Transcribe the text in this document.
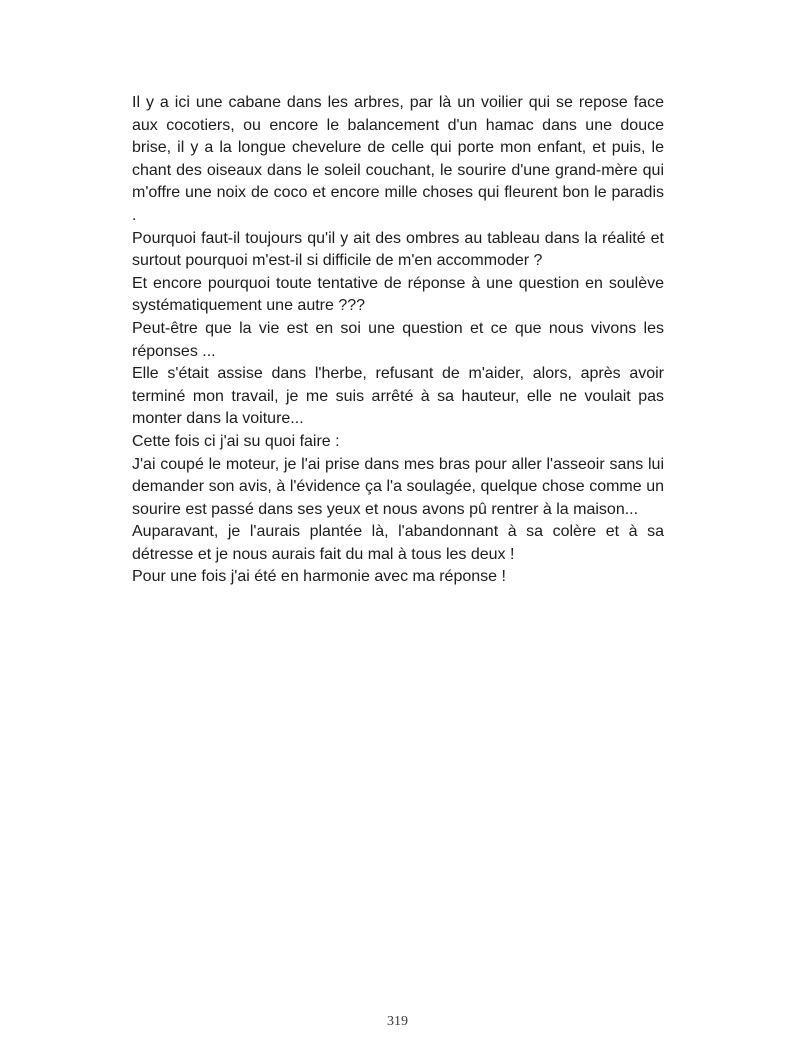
Il y a ici une cabane dans les arbres, par là un voilier qui se repose face aux cocotiers, ou encore le balancement d'un hamac dans une douce brise, il y a la longue chevelure de celle qui porte mon enfant, et puis, le chant des oiseaux dans le soleil couchant, le sourire d'une grand-mère qui m'offre une noix de coco et encore mille choses qui fleurent bon le paradis .

Pourquoi faut-il toujours qu'il y ait des ombres au tableau dans la réalité et surtout pourquoi m'est-il si difficile de m'en accommoder ?

Et encore pourquoi toute tentative de réponse à une question en soulève systématiquement une autre ???

Peut-être que la vie est en soi une question et ce que nous vivons les réponses ...

Elle s'était assise dans l'herbe, refusant de m'aider, alors, après avoir terminé mon travail, je me suis arrêté à sa hauteur, elle ne voulait pas monter dans la voiture...

Cette fois ci j'ai su quoi faire :

J'ai coupé le moteur, je l'ai prise dans mes bras pour aller l'asseoir sans lui demander son avis, à l'évidence ça l'a soulagée, quelque chose comme un sourire est passé dans ses yeux et nous avons pû rentrer à la maison...

Auparavant, je l'aurais plantée là, l'abandonnant à sa colère et à sa détresse et je nous aurais fait du mal à tous les deux !

Pour une fois j'ai été en harmonie avec ma réponse !

319
